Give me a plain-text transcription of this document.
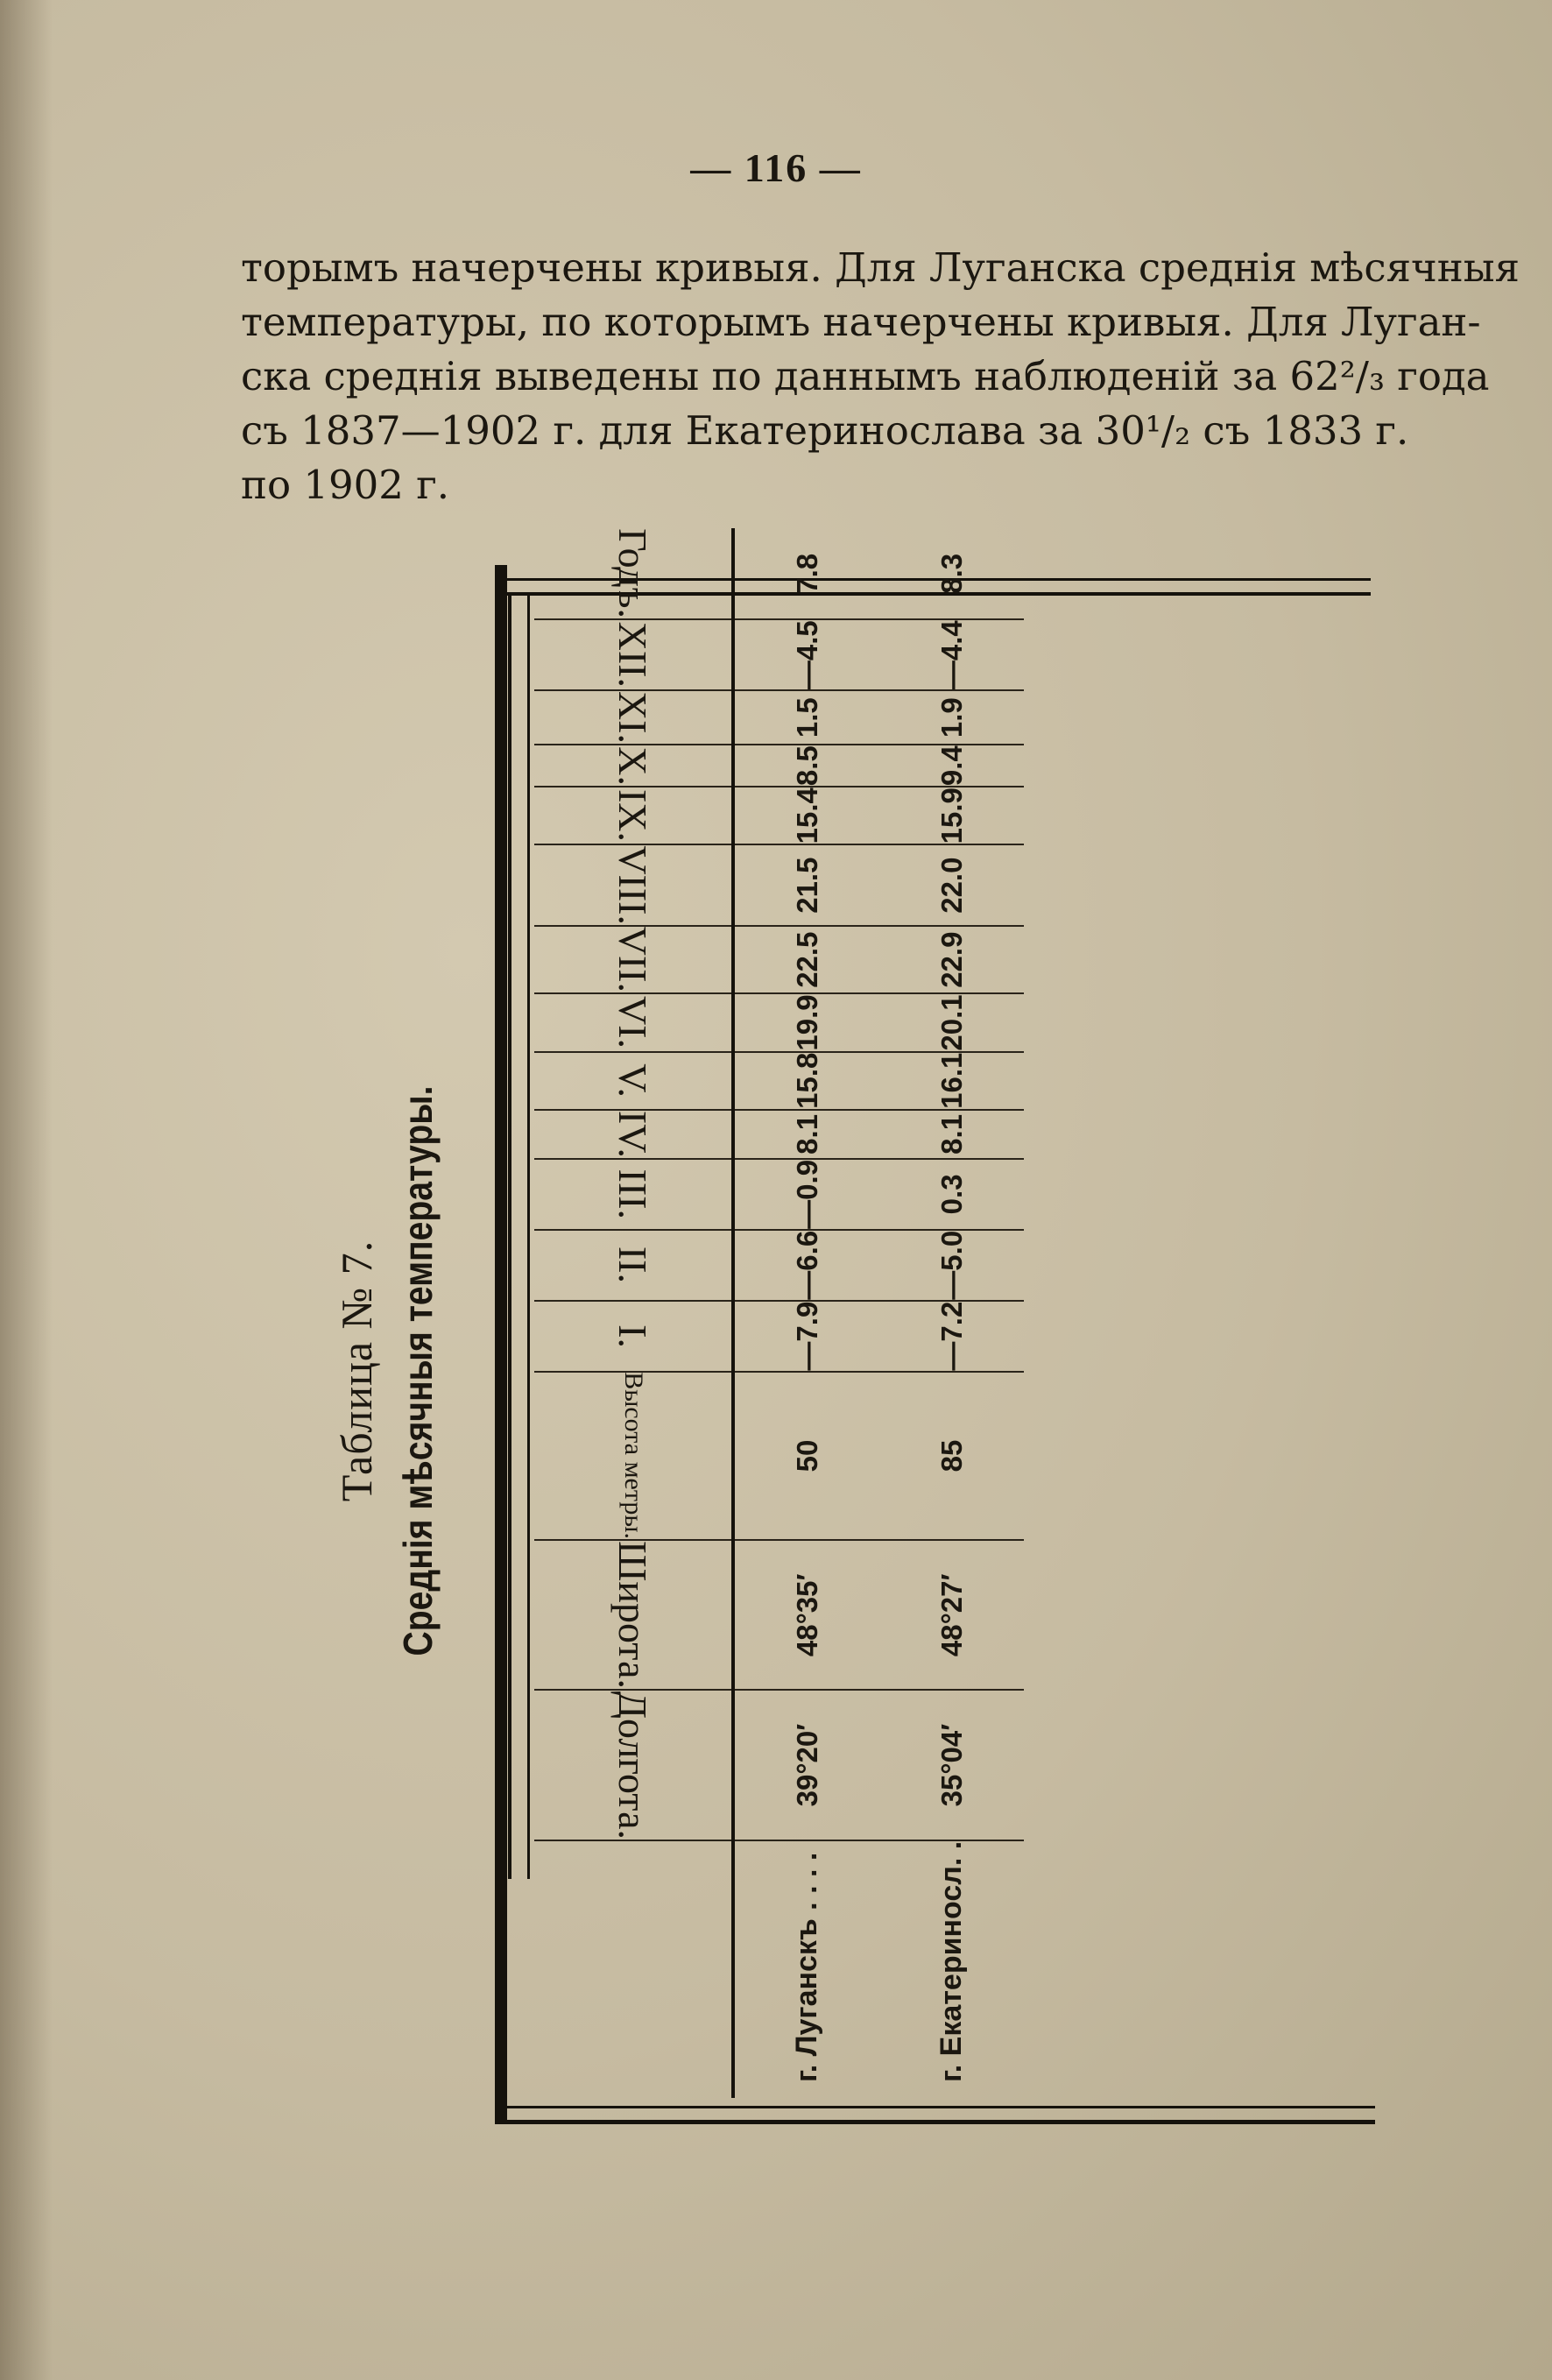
— 116 —
торымъ начерчены кривыя. Для Луганска среднiя мѣсячныя
температуры, по которымъ начерчены кривыя. Для Луган-
ска среднiя выведены по даннымъ наблюденiй за 62²/₃ года
съ 1837—1902 г. для Екатеринослава за 30¹/₂ съ 1833 г.
по 1902 г.
Таблица № 7. Среднiя мѣсячныя температуры.
	Долгота.	Широта.	Высота метры.	I.	II.	III.	IV.	V.	VI.	VII.	VIII.	IX.	X.	XI.	XII.	Годъ.
г. Луганскъ . . . .	39°20′	48°35′	50	—7.9	—6.6	—0.9	8.1	15.8	19.9	22.5	21.5	15.4	8.5	1.5	—4.5	7.8
г. Екатериносл. .	35°04′	48°27′	85	—7.2	—5.0	0.3	8.1	16.1	20.1	22.9	22.0	15.9	9.4	1.9	—4.4	8.3
